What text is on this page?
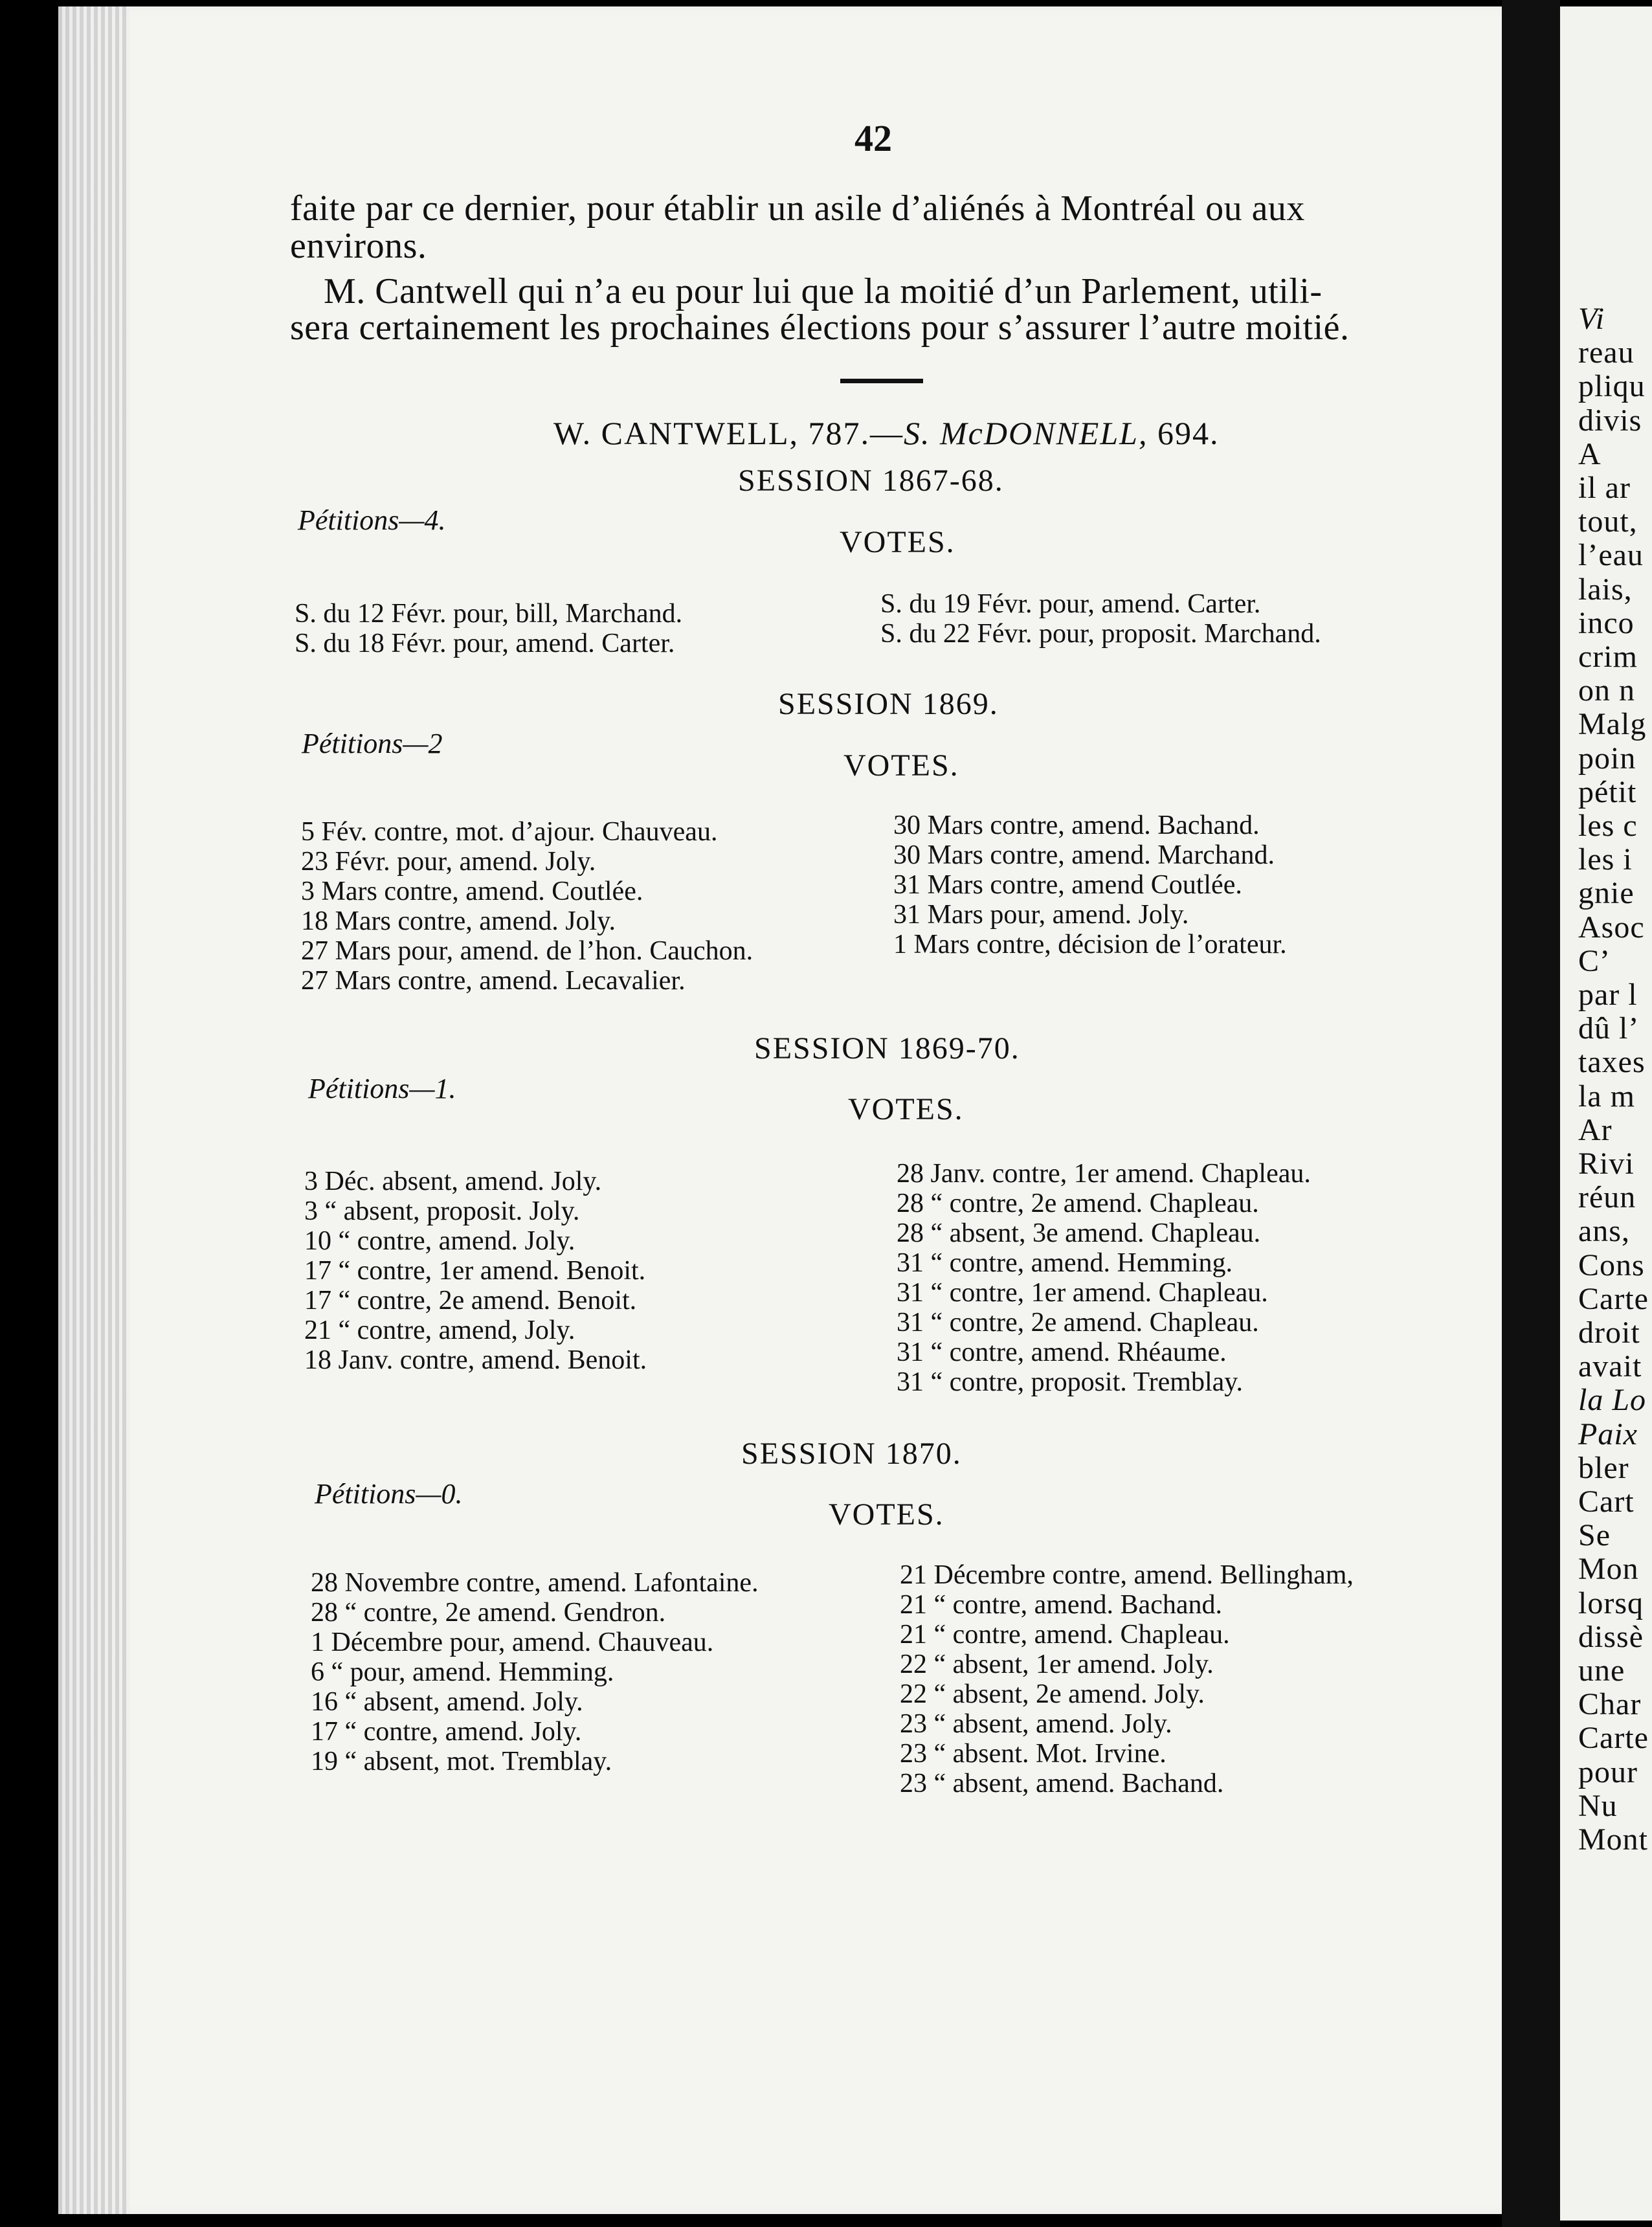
Vi
reau
pliqu
divis
A
il ar
tout,
l’eau
lais,
inco
crim
on n
Malg
poin
pétit
les c
les i
gnie
Asoc
C’
par l
dû l’
taxes
la m
Ar
Rivi
réun
ans,
Cons
Carte
droit
avait
la Lo
Paix
bler
Cart
Se
Mon
lorsq
dissè
une
Char
Carte
pour
Nu
Mont
42
faite par ce dernier, pour établir un asile d’aliénés à Montréal ou aux
environs.
M. Cantwell qui n’a eu pour lui que la moitié d’un Parlement, utili-
sera certainement les prochaines élections pour s’assurer l’autre moitié.
W. CANTWELL, 787.—S. McDONNELL, 694.
SESSION 1867-68.
Pétitions—4.
VOTES.
S. du 12 Févr. pour, bill, Marchand.
S. du 18 Févr. pour, amend. Carter.
S. du 19 Févr. pour, amend. Carter.
S. du 22 Févr. pour, proposit. Marchand.
SESSION 1869.
Pétitions—2
VOTES.
5 Fév. contre, mot. d’ajour. Chauveau.
23 Févr. pour, amend. Joly.
3 Mars contre, amend. Coutlée.
18 Mars contre, amend. Joly.
27 Mars pour, amend. de l’hon. Cauchon.
27 Mars contre, amend. Lecavalier.
30 Mars contre, amend. Bachand.
30 Mars contre, amend. Marchand.
31 Mars contre, amend Coutlée.
31 Mars pour, amend. Joly.
1 Mars contre, décision de l’orateur.
SESSION 1869-70.
Pétitions—1.
VOTES.
3 Déc. absent, amend. Joly.
3 “ absent, proposit. Joly.
10 “ contre, amend. Joly.
17 “ contre, 1er amend. Benoit.
17 “ contre, 2e amend. Benoit.
21 “ contre, amend, Joly.
18 Janv. contre, amend. Benoit.
28 Janv. contre, 1er amend. Chapleau.
28 “ contre, 2e amend. Chapleau.
28 “ absent, 3e amend. Chapleau.
31 “ contre, amend. Hemming.
31 “ contre, 1er amend. Chapleau.
31 “ contre, 2e amend. Chapleau.
31 “ contre, amend. Rhéaume.
31 “ contre, proposit. Tremblay.
SESSION 1870.
Pétitions—0.
VOTES.
28 Novembre contre, amend. Lafontaine.
28 “ contre, 2e amend. Gendron.
1 Décembre pour, amend. Chauveau.
6 “ pour, amend. Hemming.
16 “ absent, amend. Joly.
17 “ contre, amend. Joly.
19 “ absent, mot. Tremblay.
21 Décembre contre, amend. Bellingham,
21 “ contre, amend. Bachand.
21 “ contre, amend. Chapleau.
22 “ absent, 1er amend. Joly.
22 “ absent, 2e amend. Joly.
23 “ absent, amend. Joly.
23 “ absent. Mot. Irvine.
23 “ absent, amend. Bachand.
